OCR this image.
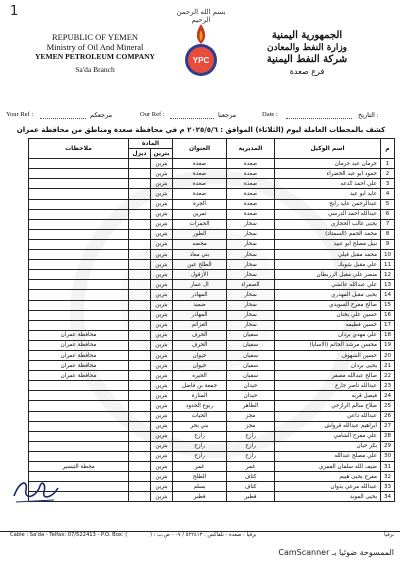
1	بسم الله الرحمن الرحيم
REPUBLIC OF YEMEN
Ministry of Oil And Mineral
YEMEN PETROLEUM COMPANY
Sa'da Branch
YPC
الجمهورية اليمنية
وزارة النفط والمعادن
شركة النفط اليمنية
فرع صعدة
Your Ref :
	مرجعكم	Our Ref :
	مرجعنا	Date :
	التاريخ :
كشف بالمحطات العاملة ليوم (الثلاثاء) الموافق : ٢٠٢٥/٥/٦ م في محافظة صعدة ومناطق من محافظة عمران
م	اسم الوكيل	المديرية	العنوان	المادة		ملاحظات
				بترين	ديزل	
1	جرمان عبد جرمان	صعدة	صعدة	بترين		
2	حمود ابو عبد الخضراء	صعدة	صعدة	بترين		
3	علي احمد كدعه	صعدة	صعدة	بترين		
4	عايد ابو عيد	صعدة	صعدة	بترين		
5	عبدالرحمن عايد رابح	صعدة	الجرة	بترين		
6	عبدالله احمد الدرسي	صعدة	تمرين	بترين		
7	يحيى غالب الحجازي	سحار	الحمزات	بترين		
8	محمد الحمم (السمتاد)	سحار	الطور	بترين		
9	نبيل مصلح ابو عبيد	سحار	محضه	بترين		
10	محمد مقبل قيلي	سحار	بني معاذ	بترين		
11	علي مقبل شوبك	سحار	الطلح عين	بترين		
12	منصر علي مقبل الزربطان	سحار	الأزقول	بترين		
13	علي عبدالله عائشي	الصفراء	ال عمار	بترين		
14	يحيى مقبل المهذري	سحار	المهاذر	بترين		
15	صالح مفرح السويدي	سحار	ضميد	بترين		
16	حسين علي بختان	سحار	المهاذر	بترين		
17	حسين قطيمه	سحار	العزائم	بترين		
18	علي مهدي بردان	سفيان	الحرف	بترين		محافظة عمران
19	محسن مرشد الجائم (الاسايا)	سفيان	الحرف	بترين		محافظة عمران
20	حسين الشهوف	سفيان	خيوان	بترين		محافظة عمران
21	يحيى بردان	سفيان	خيوان	بترين		محافظة عمران
22	صالح عبدالله مصفر	سفيان	الحيره	بترين		محافظة عمران
23	عبدالله ناصر جارع	حيدان	جمعة بن فاضل	بترين		
24	فيصل قربه	حيدان	المنارة	بترين		
25	صلاح سالم الرازحي	الظاهر	ربوع الحدود	بترين		
26	عبدالله داعي	مجز	الحيات	بترين		
27	ابراهيم عبدالله قرواش	مجز	بني بحر	بترين		
28	علي مفرح الشامي	رازح	رازح	بترين		
29	بكر حيان	رازح	رازح	بترين		
30	علي مصلح عبدالله	رازح	رازح	بترين		
31	ضيف الله سلمان الفمري	غمر	غمر	بترين		محطة التيسير
32	مفرح يحيى هبيم	كتاف	الطلح	بترين		
33	عبدالله مرعي بدوان	كتاف	بسلم	بترين		
34	يحيى الموبد	قطبر	قطبر	بترين		
Cable : Sa'da - Telfax: 07/522413 - P.O. Box: (	برقياً : صعدة - تلفاكس : ٥٢٢٤١٣ / ٠٧ - ص.ب : (	برقياً
الممسوحة ضوئيا بـ CamScanner
